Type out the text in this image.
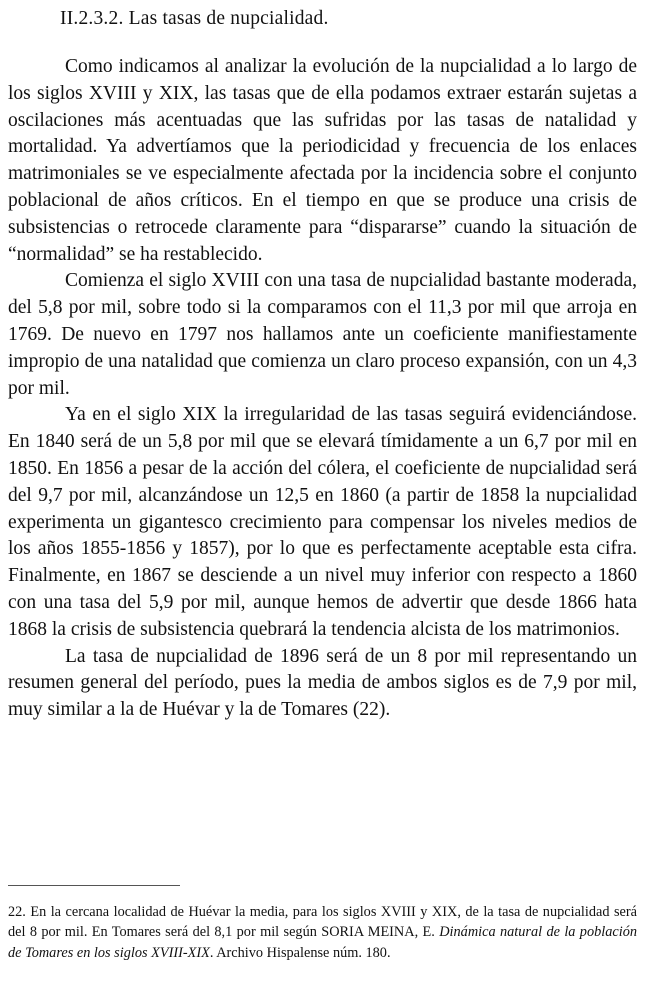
II.2.3.2. Las tasas de nupcialidad.

Como indicamos al analizar la evolución de la nupcialidad a lo largo de los siglos XVIII y XIX, las tasas que de ella podamos extraer estarán sujetas a oscilaciones más acentuadas que las sufridas por las tasas de natalidad y mortalidad. Ya advertíamos que la periodicidad y frecuencia de los enlaces matrimoniales se ve especialmente afectada por la incidencia sobre el conjunto poblacional de años críticos. En el tiempo en que se produce una crisis de subsistencias o retrocede claramente para “dispararse” cuando la situación de “normalidad” se ha restablecido.

Comienza el siglo XVIII con una tasa de nupcialidad bastante moderada, del 5,8 por mil, sobre todo si la comparamos con el 11,3 por mil que arroja en 1769. De nuevo en 1797 nos hallamos ante un coeficiente manifiestamente impropio de una natalidad que comienza un claro proceso expansión, con un 4,3 por mil.

Ya en el siglo XIX la irregularidad de las tasas seguirá evidenciándose. En 1840 será de un 5,8 por mil que se elevará tímidamente a un 6,7 por mil en 1850. En 1856 a pesar de la acción del cólera, el coeficiente de nupcialidad será del 9,7 por mil, alcanzándose un 12,5 en 1860 (a partir de 1858 la nupcialidad experimenta un gigantesco crecimiento para compensar los niveles medios de los años 1855-1856 y 1857), por lo que es perfectamente aceptable esta cifra. Finalmente, en 1867 se desciende a un nivel muy inferior con respecto a 1860 con una tasa del 5,9 por mil, aunque hemos de advertir que desde 1866 hata 1868 la crisis de subsistencia quebrará la tendencia alcista de los matrimonios.

La tasa de nupcialidad de 1896 será de un 8 por mil representando un resumen general del período, pues la media de ambos siglos es de 7,9 por mil, muy similar a la de Huévar y la de Tomares (22).

22. En la cercana localidad de Huévar la media, para los siglos XVIII y XIX, de la tasa de nupcialidad será del 8 por mil. En Tomares será del 8,1 por mil según SORIA MEINA, E. Dinámica natural de la población de Tomares en los siglos XVIII-XIX. Archivo Hispalense núm. 180.
